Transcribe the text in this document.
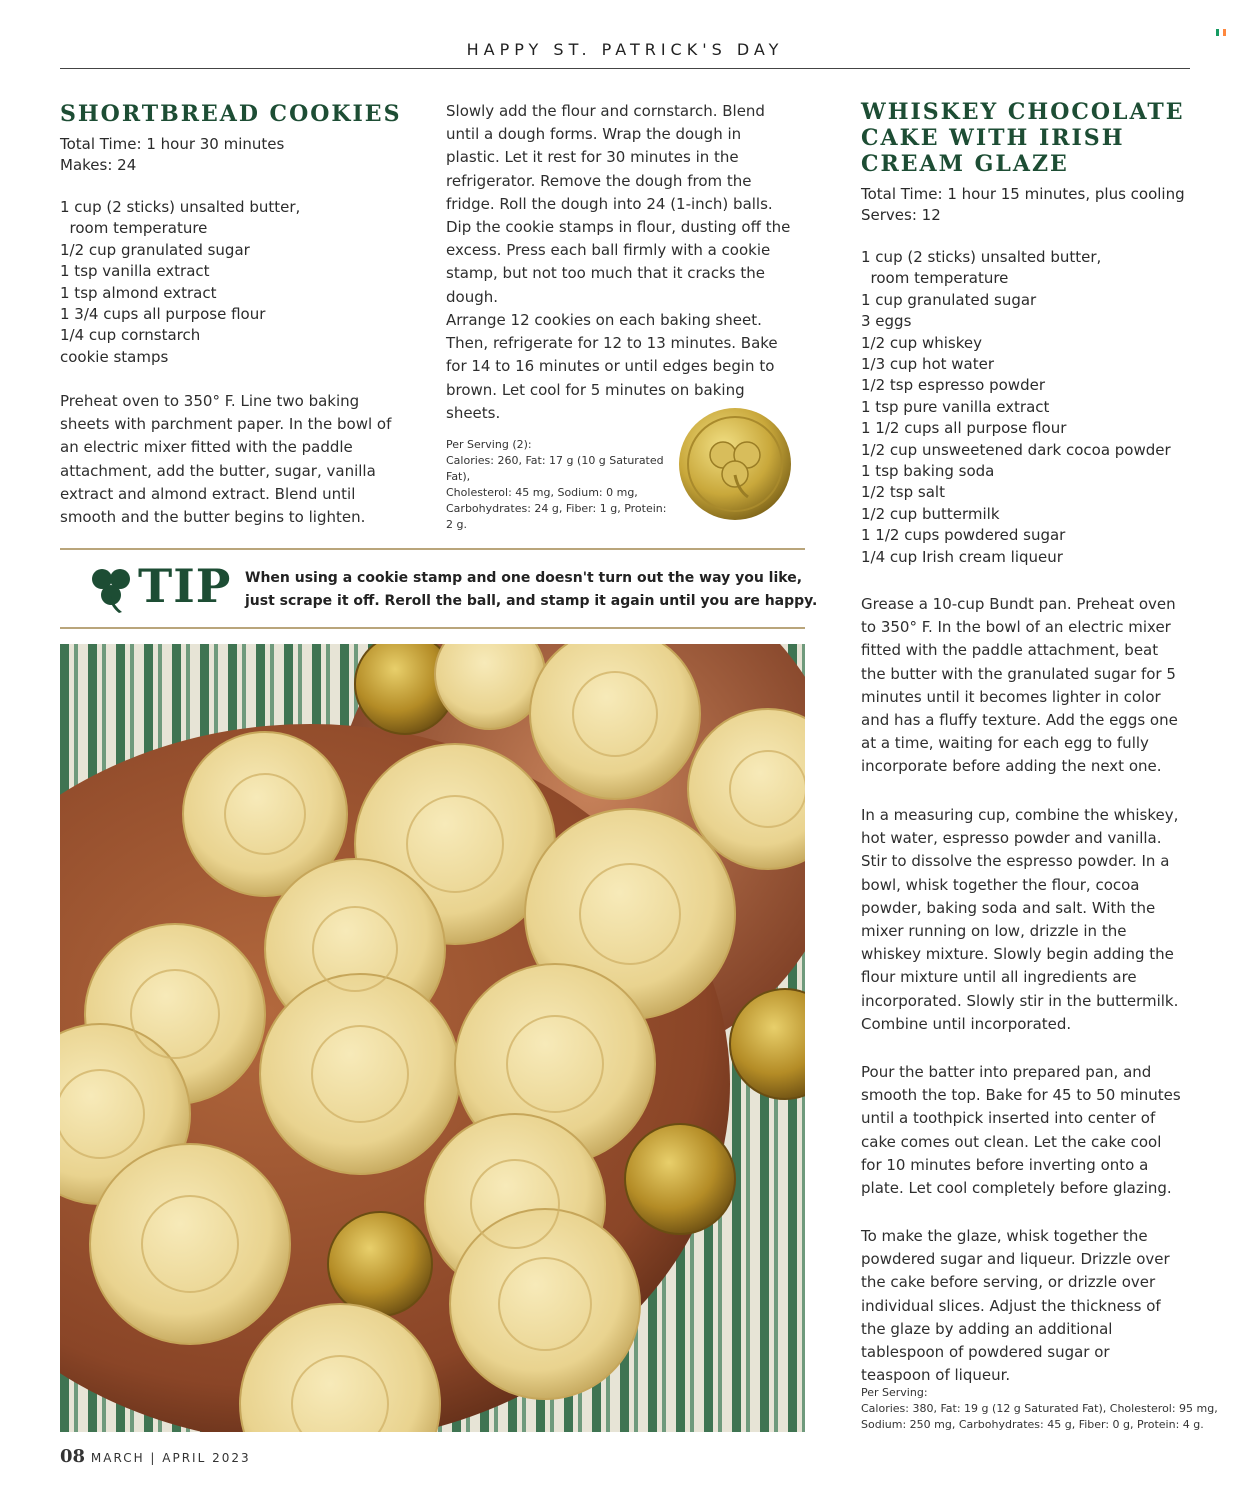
HAPPY ST. PATRICK'S DAY
SHORTBREAD COOKIES
Total Time: 1 hour 30 minutes
Makes: 24
1 cup (2 sticks) unsalted butter,
room temperature
1/2 cup granulated sugar
1 tsp vanilla extract
1 tsp almond extract
1 3/4 cups all purpose flour
1/4 cup cornstarch
cookie stamps

Preheat oven to 350° F. Line two baking sheets with parchment paper. In the bowl of an electric mixer fitted with the paddle attachment, add the butter, sugar, vanilla extract and almond extract. Blend until smooth and the butter begins to lighten.

Slowly add the flour and cornstarch. Blend until a dough forms. Wrap the dough in plastic. Let it rest for 30 minutes in the refrigerator. Remove the dough from the fridge. Roll the dough into 24 (1-inch) balls. Dip the cookie stamps in flour, dusting off the excess. Press each ball firmly with a cookie stamp, but not too much that it cracks the dough.

Arrange 12 cookies on each baking sheet. Then, refrigerate for 12 to 13 minutes. Bake for 14 to 16 minutes or until edges begin to brown. Let cool for 5 minutes on baking sheets.

Per Serving (2):
Calories: 260, Fat: 17 g (10 g Saturated Fat),
Cholesterol: 45 mg, Sodium: 0 mg,
Carbohydrates: 24 g, Fiber: 1 g, Protein: 2 g.
TIP When using a cookie stamp and one doesn't turn out the way you like,
just scrape it off. Reroll the ball, and stamp it again until you are happy.
WHISKEY CHOCOLATE
CAKE WITH IRISH
CREAM GLAZE
Total Time: 1 hour 15 minutes, plus cooling
Serves: 12
1 cup (2 sticks) unsalted butter,
room temperature
1 cup granulated sugar
3 eggs
1/2 cup whiskey
1/3 cup hot water
1/2 tsp espresso powder
1 tsp pure vanilla extract
1 1/2 cups all purpose flour
1/2 cup unsweetened dark cocoa powder
1 tsp baking soda
1/2 tsp salt
1/2 cup buttermilk
1 1/2 cups powdered sugar
1/4 cup Irish cream liqueur

Grease a 10-cup Bundt pan. Preheat oven to 350° F. In the bowl of an electric mixer fitted with the paddle attachment, beat the butter with the granulated sugar for 5 minutes until it becomes lighter in color and has a fluffy texture. Add the eggs one at a time, waiting for each egg to fully incorporate before adding the next one.

In a measuring cup, combine the whiskey, hot water, espresso powder and vanilla. Stir to dissolve the espresso powder. In a bowl, whisk together the flour, cocoa powder, baking soda and salt. With the mixer running on low, drizzle in the whiskey mixture. Slowly begin adding the flour mixture until all ingredients are incorporated. Slowly stir in the buttermilk. Combine until incorporated.

Pour the batter into prepared pan, and smooth the top. Bake for 45 to 50 minutes until a toothpick inserted into center of cake comes out clean. Let the cake cool for 10 minutes before inverting onto a plate. Let cool completely before glazing.

To make the glaze, whisk together the powdered sugar and liqueur. Drizzle over the cake before serving, or drizzle over individual slices. Adjust the thickness of the glaze by adding an additional tablespoon of powdered sugar or teaspoon of liqueur.

Per Serving:
Calories: 380, Fat: 19 g (12 g Saturated Fat), Cholesterol: 95 mg,
Sodium: 250 mg, Carbohydrates: 45 g, Fiber: 0 g, Protein: 4 g.
08 MARCH | APRIL 2023
